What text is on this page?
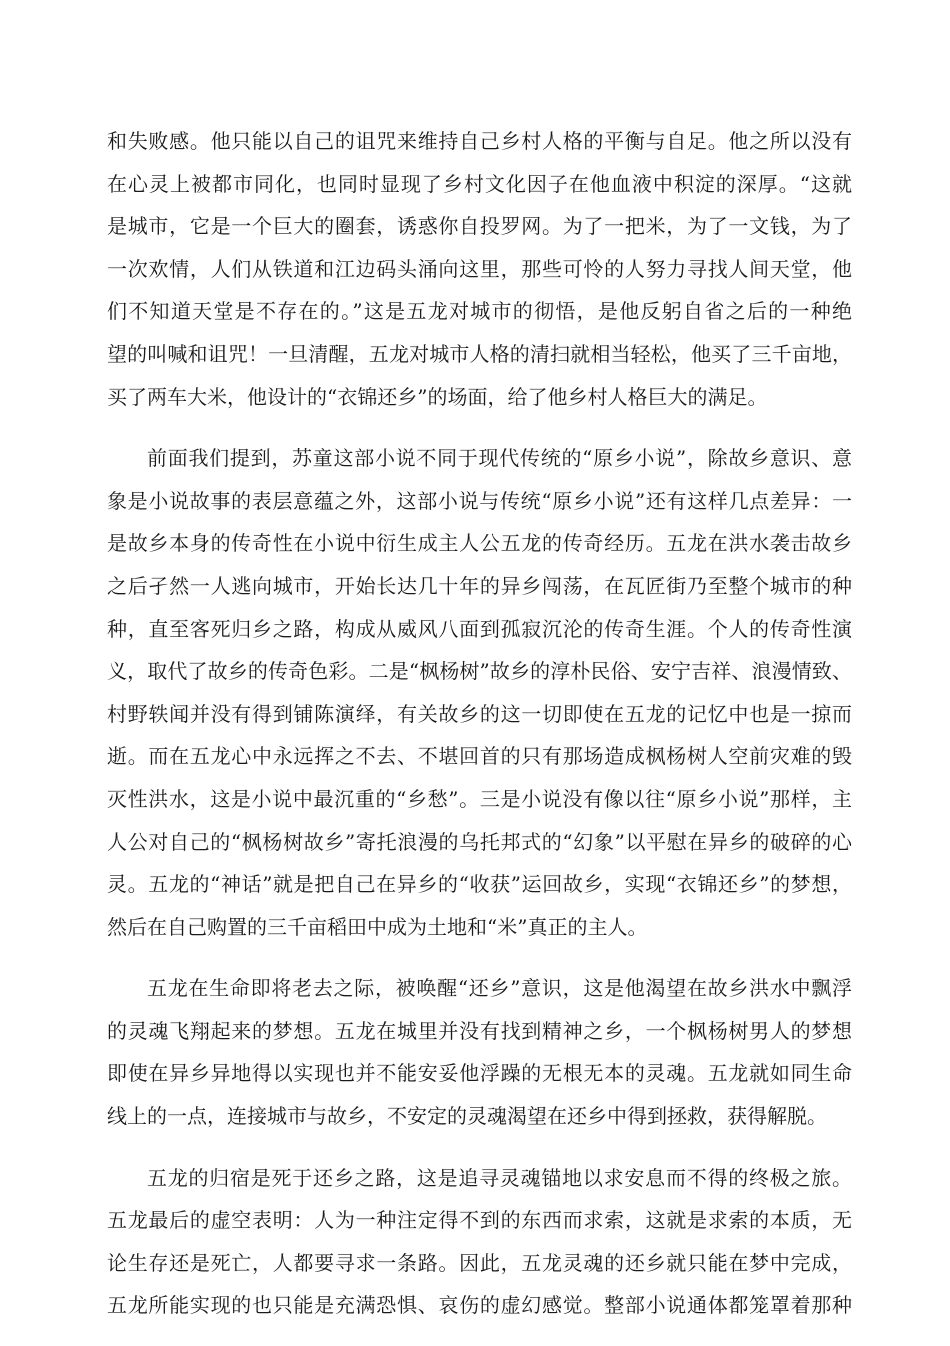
和失败感。他只能以自己的诅咒来维持自己乡村人格的平衡与自足。他之所以没有
在心灵上被都市同化，也同时显现了乡村文化因子在他血液中积淀的深厚。“这就
是城市，它是一个巨大的圈套，诱惑你自投罗网。为了一把米，为了一文钱，为了
一次欢情，人们从铁道和江边码头涌向这里，那些可怜的人努力寻找人间天堂，他
们不知道天堂是不存在的。”这是五龙对城市的彻悟，是他反躬自省之后的一种绝
望的叫喊和诅咒！一旦清醒，五龙对城市人格的清扫就相当轻松，他买了三千亩地，
买了两车大米，他设计的“衣锦还乡”的场面，给了他乡村人格巨大的满足。
前面我们提到，苏童这部小说不同于现代传统的“原乡小说”，除故乡意识、意
象是小说故事的表层意蕴之外，这部小说与传统“原乡小说”还有这样几点差异：一
是故乡本身的传奇性在小说中衍生成主人公五龙的传奇经历。五龙在洪水袭击故乡
之后孑然一人逃向城市，开始长达几十年的异乡闯荡，在瓦匠街乃至整个城市的种
种，直至客死归乡之路，构成从威风八面到孤寂沉沦的传奇生涯。个人的传奇性演
义，取代了故乡的传奇色彩。二是“枫杨树”故乡的淳朴民俗、安宁吉祥、浪漫情致、
村野轶闻并没有得到铺陈演绎，有关故乡的这一切即使在五龙的记忆中也是一掠而
逝。而在五龙心中永远挥之不去、不堪回首的只有那场造成枫杨树人空前灾难的毁
灭性洪水，这是小说中最沉重的“乡愁”。三是小说没有像以往“原乡小说”那样，主
人公对自己的“枫杨树故乡”寄托浪漫的乌托邦式的“幻象”以平慰在异乡的破碎的心
灵。五龙的“神话”就是把自己在异乡的“收获”运回故乡，实现“衣锦还乡”的梦想，
然后在自己购置的三千亩稻田中成为土地和“米”真正的主人。
五龙在生命即将老去之际，被唤醒“还乡”意识，这是他渴望在故乡洪水中飘浮
的灵魂飞翔起来的梦想。五龙在城里并没有找到精神之乡，一个枫杨树男人的梦想
即使在异乡异地得以实现也并不能安妥他浮躁的无根无本的灵魂。五龙就如同生命
线上的一点，连接城市与故乡，不安定的灵魂渴望在还乡中得到拯救，获得解脱。
五龙的归宿是死于还乡之路，这是追寻灵魂锚地以求安息而不得的终极之旅。
五龙最后的虚空表明：人为一种注定得不到的东西而求索，这就是求索的本质，无
论生存还是死亡，人都要寻求一条路。因此，五龙灵魂的还乡就只能在梦中完成，
五龙所能实现的也只能是充满恐惧、哀伤的虚幻感觉。整部小说通体都笼罩着那种
